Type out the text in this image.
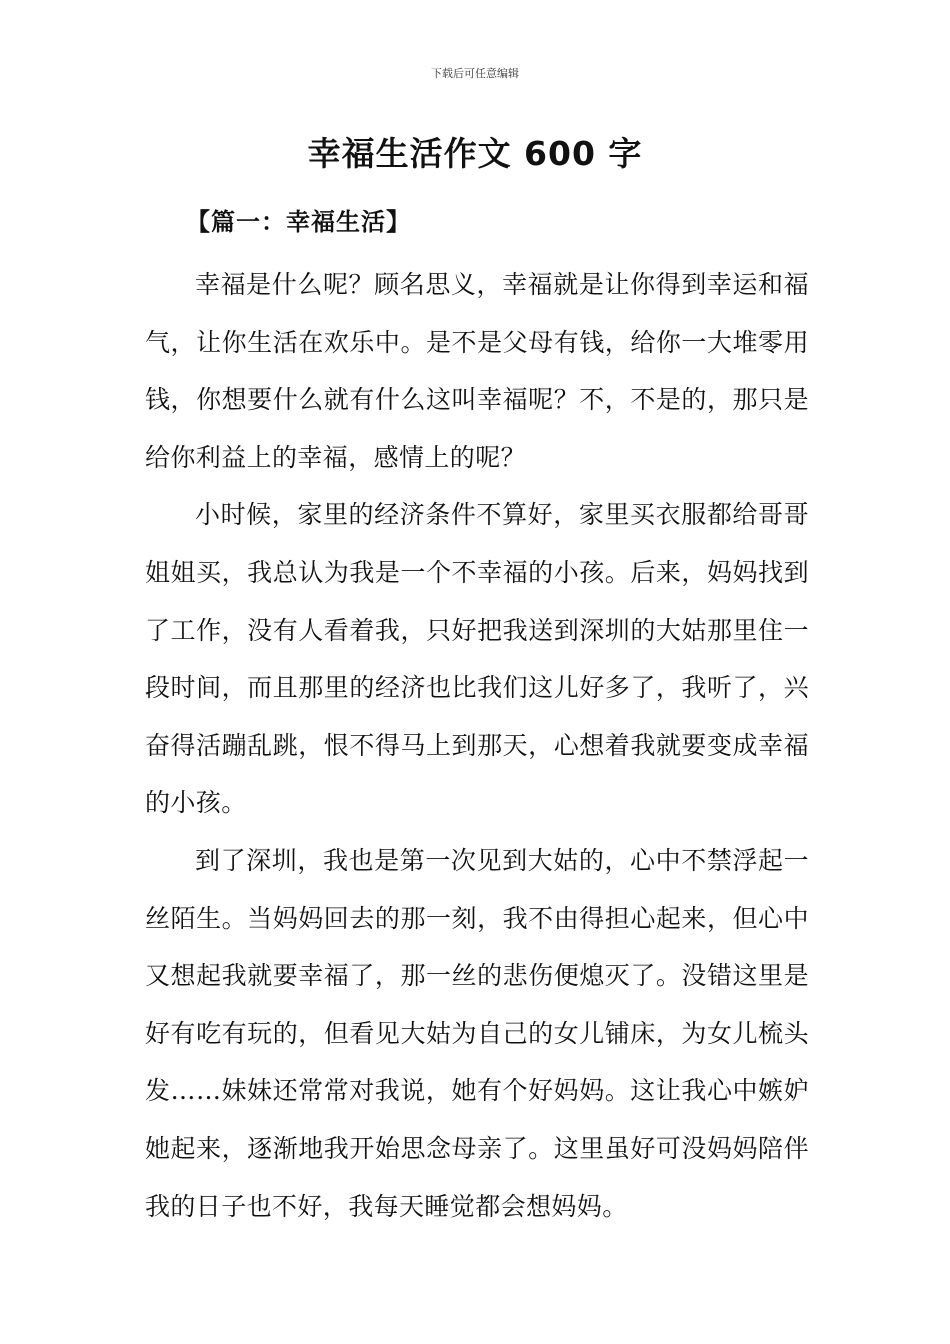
下载后可任意编辑
幸福生活作文 600 字
【篇一：幸福生活】

幸福是什么呢？顾名思义，幸福就是让你得到幸运和福气，让你生活在欢乐中。是不是父母有钱，给你一大堆零用钱，你想要什么就有什么这叫幸福呢？不，不是的，那只是给你利益上的幸福，感情上的呢？

小时候，家里的经济条件不算好，家里买衣服都给哥哥姐姐买，我总认为我是一个不幸福的小孩。后来，妈妈找到了工作，没有人看着我，只好把我送到深圳的大姑那里住一段时间，而且那里的经济也比我们这儿好多了，我听了，兴奋得活蹦乱跳，恨不得马上到那天，心想着我就要变成幸福的小孩。

到了深圳，我也是第一次见到大姑的，心中不禁浮起一丝陌生。当妈妈回去的那一刻，我不由得担心起来，但心中又想起我就要幸福了，那一丝的悲伤便熄灭了。没错这里是好有吃有玩的，但看见大姑为自己的女儿铺床，为女儿梳头发……妹妹还常常对我说，她有个好妈妈。这让我心中嫉妒她起来，逐渐地我开始思念母亲了。这里虽好可没妈妈陪伴我的日子也不好，我每天睡觉都会想妈妈。
